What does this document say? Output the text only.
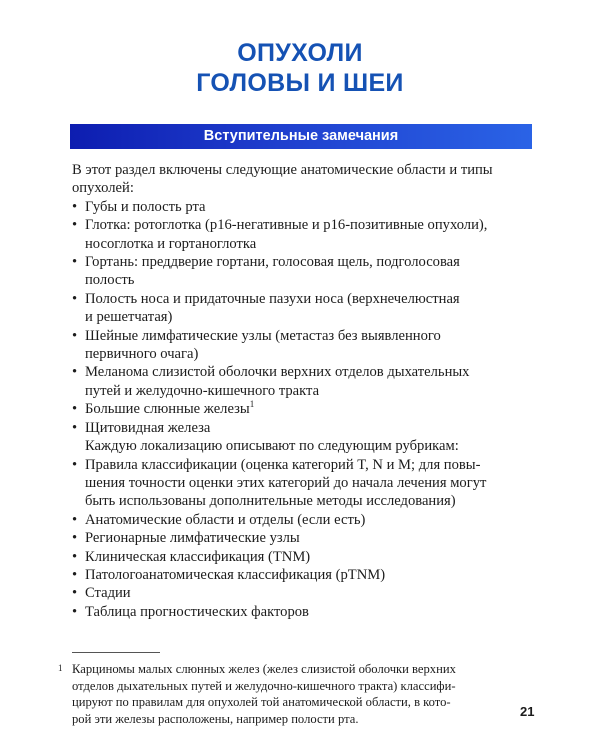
ОПУХОЛИ
ГОЛОВЫ И ШЕИ
Вступительные замечания

В этот раздел включены следующие анатомические области и типы
опухолей:

• Губы и полость рта
• Глотка: ротоглотка (p16-негативные и p16-позитивные опухоли),
носоглотка и гортаноглотка
• Гортань: преддверие гортани, голосовая щель, подголосовая
полость
• Полость носа и придаточные пазухи носа (верхнечелюстная
и решетчатая)
• Шейные лимфатические узлы (метастаз без выявленного
первичного очага)
• Меланома слизистой оболочки верхних отделов дыхательных
путей и желудочно-кишечного тракта
• Большие слюнные железы$^1$
• Щитовидная железа

Каждую локализацию описывают по следующим рубрикам:

• Правила классификации (оценка категорий T, N и M; для повы-
шения точности оценки этих категорий до начала лечения могут
быть использованы дополнительные методы исследования)
• Анатомические области и отделы (если есть)
• Регионарные лимфатические узлы
• Клиническая классификация (TNM)
• Патологоанатомическая классификация (pTNM)
• Стадии
• Таблица прогностических факторов
1 Карциномы малых слюнных желез (желез слизистой оболочки верхних
отделов дыхательных путей и желудочно-кишечного тракта) классифи-
цируют по правилам для опухолей той анатомической области, в кото-
рой эти железы расположены, например полости рта.	21
